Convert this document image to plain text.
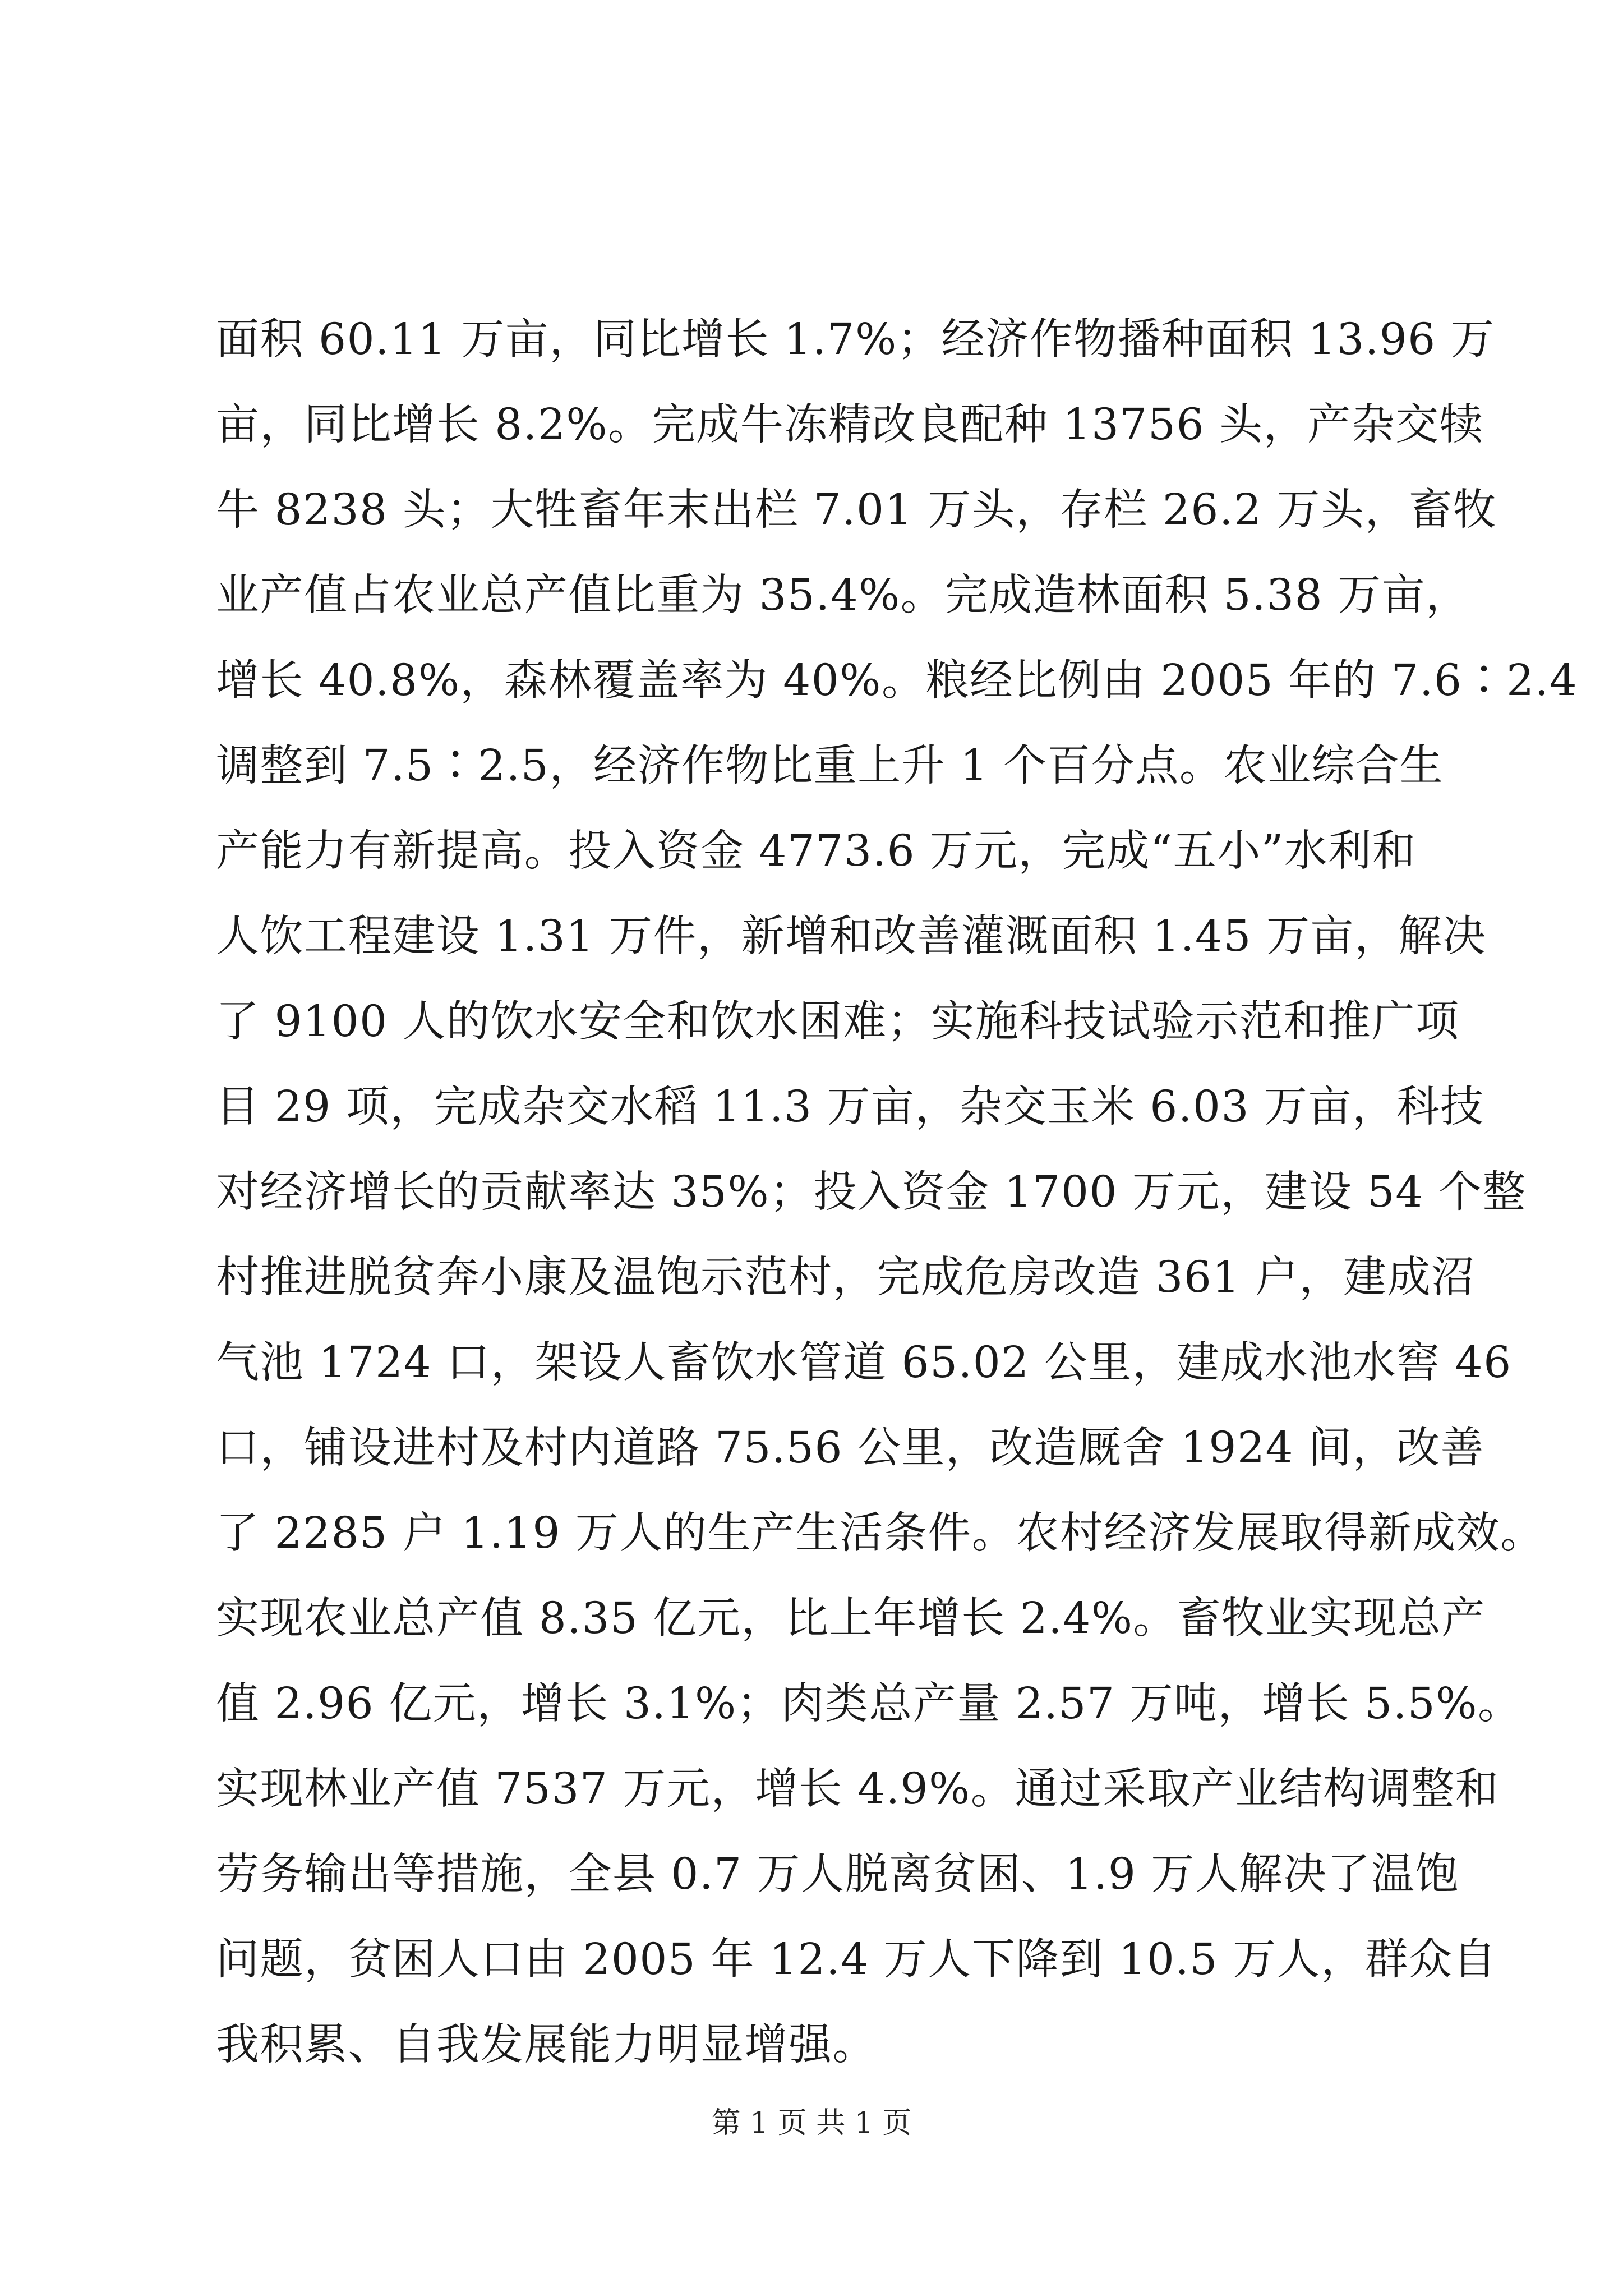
面积 60.11 万亩，同比增长 1.7%；经济作物播种面积 13.96 万
亩，同比增长 8.2%。完成牛冻精改良配种 13756 头，产杂交犊
牛 8238 头；大牲畜年末出栏 7.01 万头，存栏 26.2 万头，畜牧
业产值占农业总产值比重为 35.4%。完成造林面积 5.38 万亩，
增长 40.8%，森林覆盖率为 40%。粮经比例由 2005 年的 7.6∶2.4
调整到 7.5∶2.5，经济作物比重上升 1 个百分点。农业综合生
产能力有新提高。投入资金 4773.6 万元，完成“五小”水利和
人饮工程建设 1.31 万件，新增和改善灌溉面积 1.45 万亩，解决
了 9100 人的饮水安全和饮水困难；实施科技试验示范和推广项
目 29 项，完成杂交水稻 11.3 万亩，杂交玉米 6.03 万亩，科技
对经济增长的贡献率达 35%；投入资金 1700 万元，建设 54 个整
村推进脱贫奔小康及温饱示范村，完成危房改造 361 户，建成沼
气池 1724 口，架设人畜饮水管道 65.02 公里，建成水池水窖 46
口，铺设进村及村内道路 75.56 公里，改造厩舍 1924 间，改善
了 2285 户 1.19 万人的生产生活条件。农村经济发展取得新成效。
实现农业总产值 8.35 亿元，比上年增长 2.4%。畜牧业实现总产
值 2.96 亿元，增长 3.1%；肉类总产量 2.57 万吨，增长 5.5%。
实现林业产值 7537 万元，增长 4.9%。通过采取产业结构调整和
劳务输出等措施，全县 0.7 万人脱离贫困、1.9 万人解决了温饱
问题，贫困人口由 2005 年 12.4 万人下降到 10.5 万人，群众自
我积累、自我发展能力明显增强。
第 1 页 共 1 页
